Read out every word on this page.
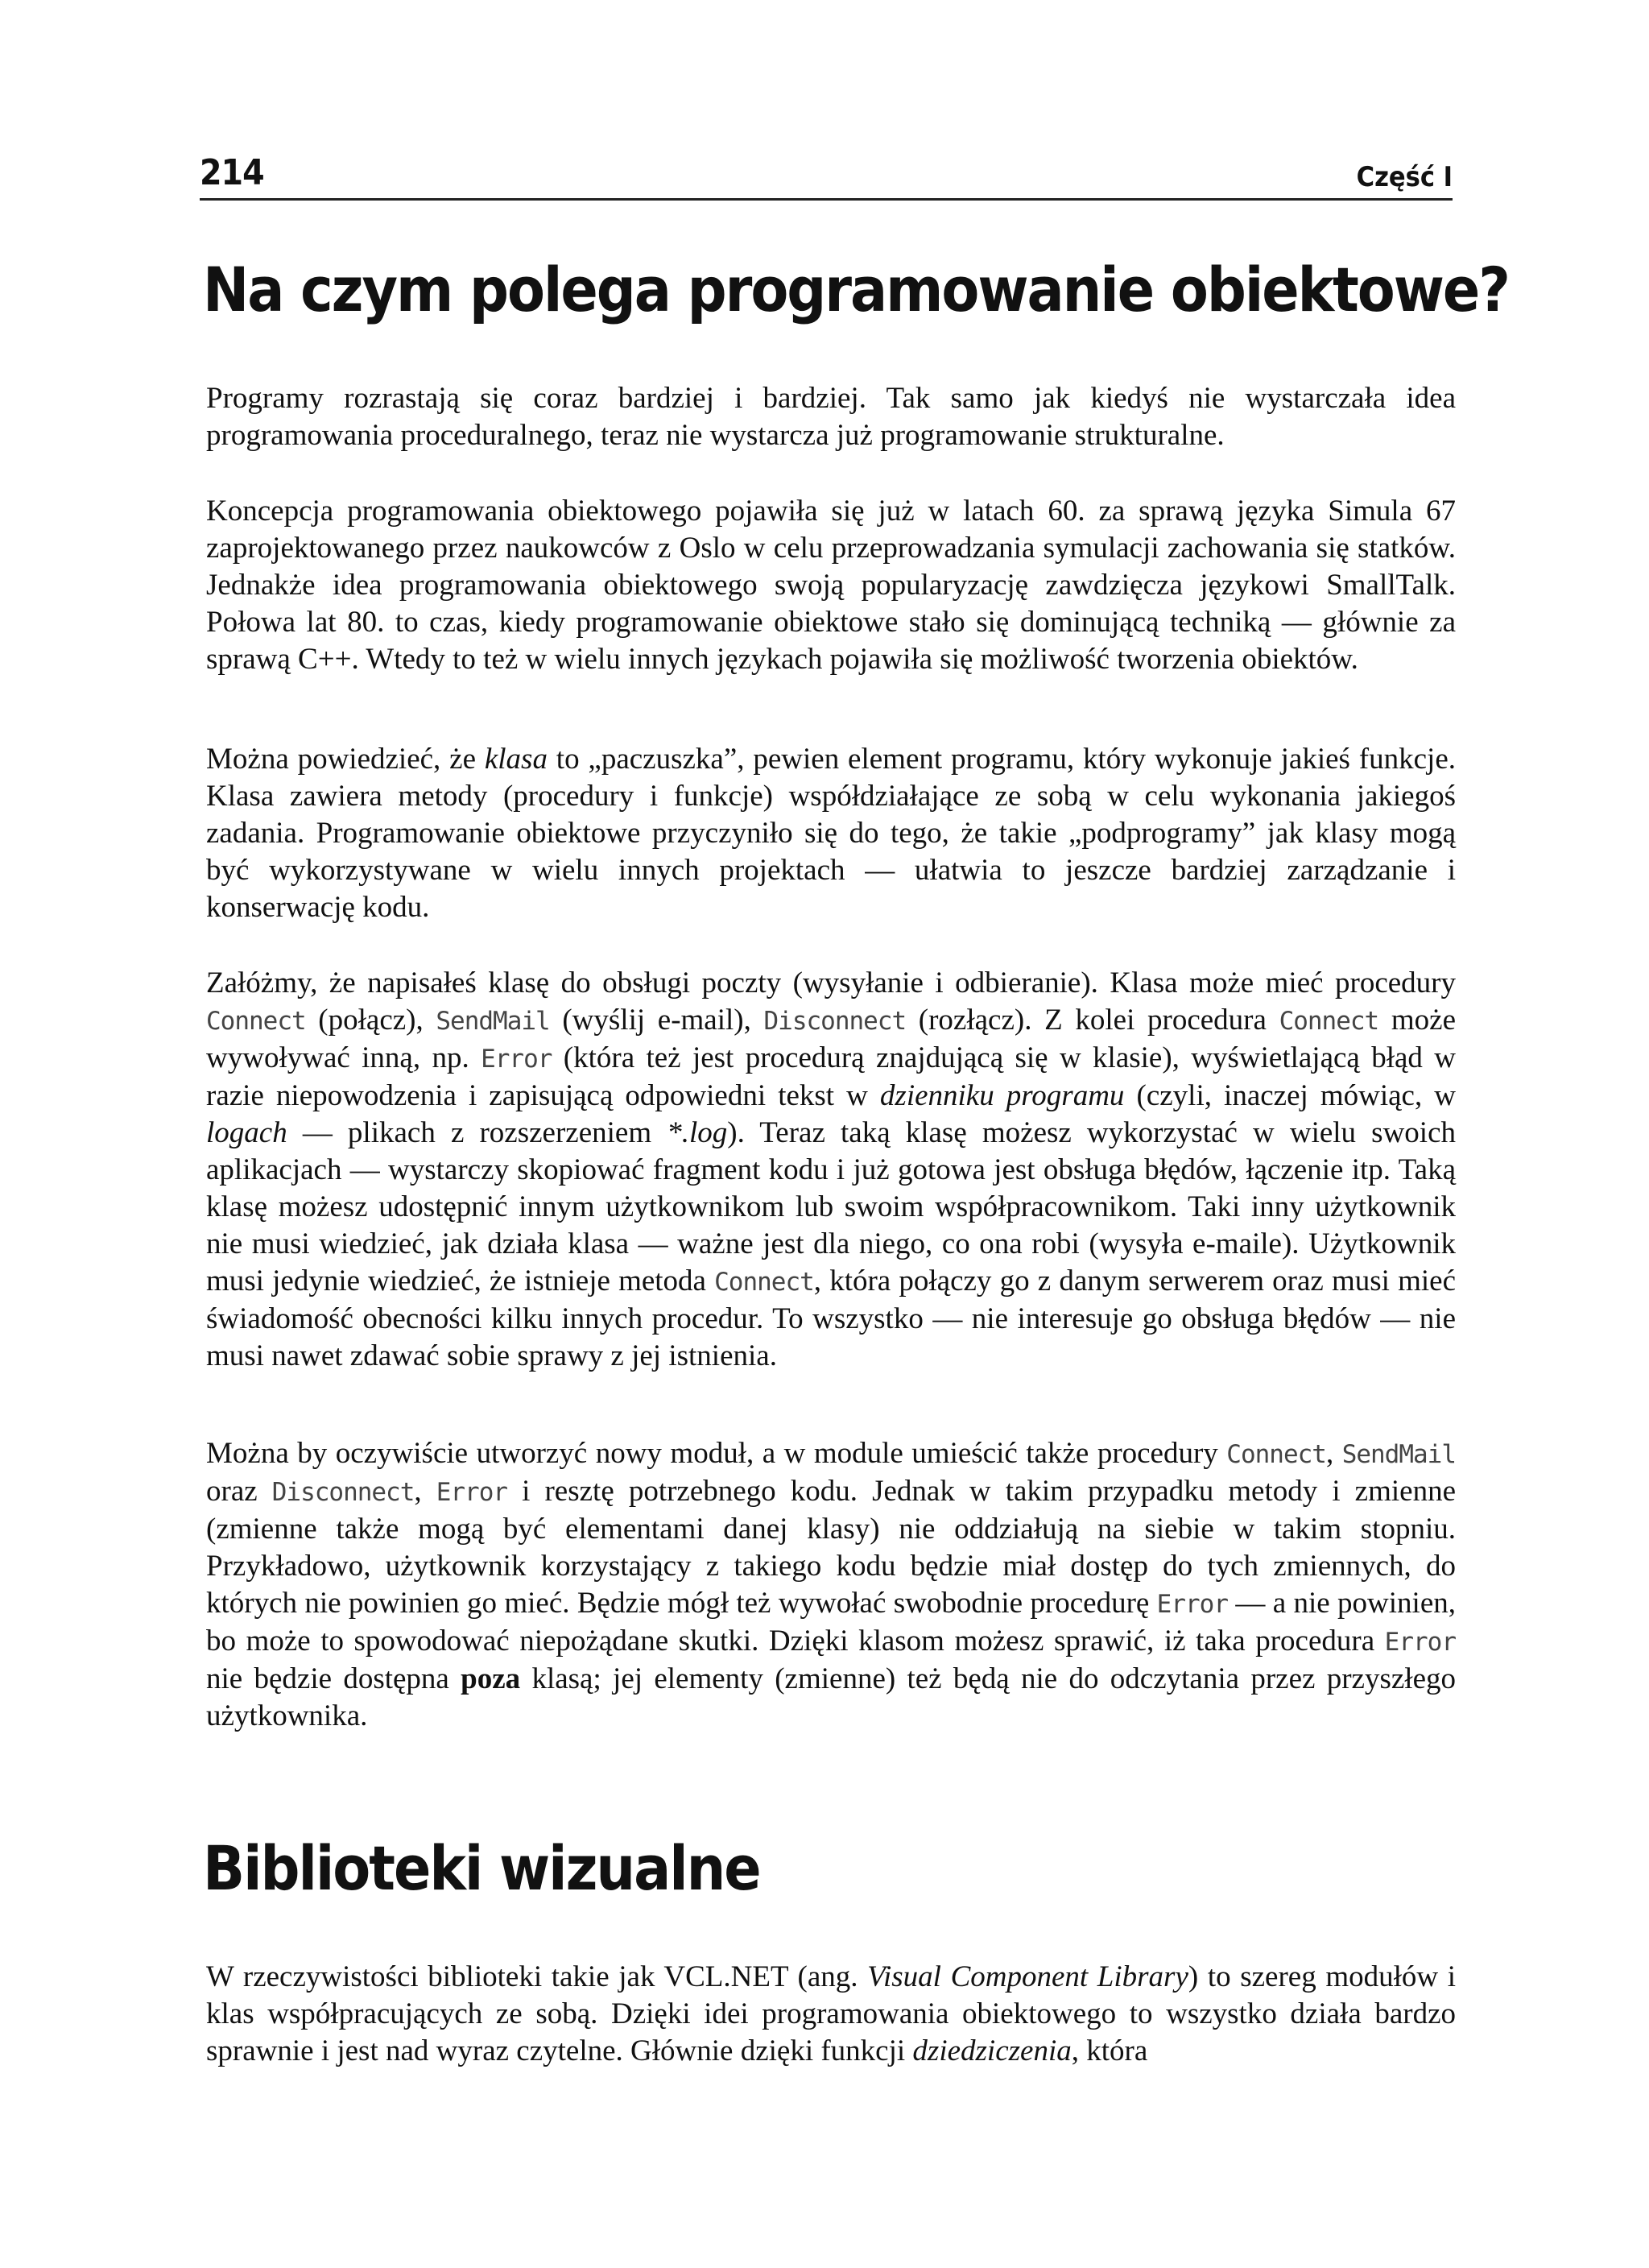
214	Część I
Na czym polega programowanie obiektowe?

Programy rozrastają się coraz bardziej i bardziej. Tak samo jak kiedyś nie wystarczała idea programowania proceduralnego, teraz nie wystarcza już programowanie strukturalne.

Koncepcja programowania obiektowego pojawiła się już w latach 60. za sprawą języka Simula 67 zaprojektowanego przez naukowców z Oslo w celu przeprowadzania symulacji zachowania się statków. Jednakże idea programowania obiektowego swoją popularyzację zawdzięcza językowi SmallTalk. Połowa lat 80. to czas, kiedy programowanie obiektowe stało się dominującą techniką — głównie za sprawą C++. Wtedy to też w wielu innych językach pojawiła się możliwość tworzenia obiektów.

Można powiedzieć, że klasa to „paczuszka”, pewien element programu, który wykonuje jakieś funkcje. Klasa zawiera metody (procedury i funkcje) współdziałające ze sobą w celu wykonania jakiegoś zadania. Programowanie obiektowe przyczyniło się do tego, że takie „podprogramy” jak klasy mogą być wykorzystywane w wielu innych projektach — ułatwia to jeszcze bardziej zarządzanie i konserwację kodu.

Załóżmy, że napisałeś klasę do obsługi poczty (wysyłanie i odbieranie). Klasa może mieć procedury Connect (połącz), SendMail (wyślij e-mail), Disconnect (rozłącz). Z kolei procedura Connect może wywoływać inną, np. Error (która też jest procedurą znajdującą się w klasie), wyświetlającą błąd w razie niepowodzenia i zapisującą odpowiedni tekst w dzienniku programu (czyli, inaczej mówiąc, w logach — plikach z rozszerzeniem *.log). Teraz taką klasę możesz wykorzystać w wielu swoich aplikacjach — wystarczy skopiować fragment kodu i już gotowa jest obsługa błędów, łączenie itp. Taką klasę możesz udostępnić innym użytkownikom lub swoim współpracownikom. Taki inny użytkownik nie musi wiedzieć, jak działa klasa — ważne jest dla niego, co ona robi (wysyła e-maile). Użytkownik musi jedynie wiedzieć, że istnieje metoda Connect, która połączy go z danym serwerem oraz musi mieć świadomość obecności kilku innych procedur. To wszystko — nie interesuje go obsługa błędów — nie musi nawet zdawać sobie sprawy z jej istnienia.

Można by oczywiście utworzyć nowy moduł, a w module umieścić także procedury Connect, SendMail oraz Disconnect, Error i resztę potrzebnego kodu. Jednak w takim przypadku metody i zmienne (zmienne także mogą być elementami danej klasy) nie oddziałują na siebie w takim stopniu. Przykładowo, użytkownik korzystający z takiego kodu będzie miał dostęp do tych zmiennych, do których nie powinien go mieć. Będzie mógł też wywołać swobodnie procedurę Error — a nie powinien, bo może to spowodować niepożądane skutki. Dzięki klasom możesz sprawić, iż taka procedura Error nie będzie dostępna poza klasą; jej elementy (zmienne) też będą nie do odczytania przez przyszłego użytkownika.

Biblioteki wizualne

W rzeczywistości biblioteki takie jak VCL.NET (ang. Visual Component Library) to szereg modułów i klas współpracujących ze sobą. Dzięki idei programowania obiektowego to wszystko działa bardzo sprawnie i jest nad wyraz czytelne. Głównie dzięki funkcji dziedziczenia, która
